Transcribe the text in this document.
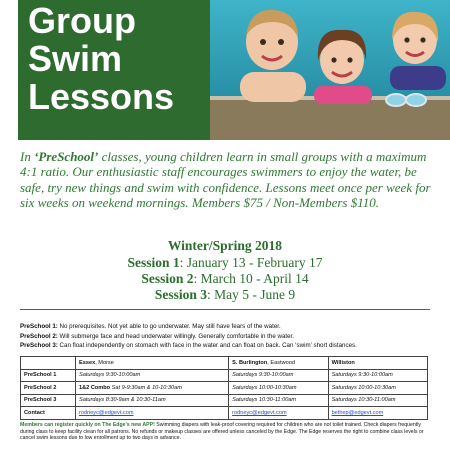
Group
Swim
Lessons
In ‘PreSchool’ classes, young children learn in small groups with a maximum 4:1 ratio. Our enthusiastic staff encourages swimmers to enjoy the water, be safe, try new things and swim with confidence. Lessons meet once per week for six weeks on weekend mornings. Members $75 / Non-Members $110.
Winter/Spring 2018
Session 1: January 13 - February 17
Session 2: March 10 - April 14
Session 3: May 5 - June 9
PreSchool 1: No prerequisites. Not yet able to go underwater. May still have fears of the water.
PreSchool 2: Will submerge face and head underwater willingly. Generally comfortable in the water.
PreSchool 3: Can float independently on stomach with face in the water and can float on back. Can ‘swim’ short distances.
	Essex, Morse	S. Burlington, Eastwood	Williston
PreSchool 1	Saturdays 9:30-10:00am	Saturdays 9:30-10:00am	Saturdays 9:30-10:00am
PreSchool 2	1&2 Combo Sat 9-9:30am & 10-10:30am	Saturdays 10:00-10:30am	Saturdays 10:00-10:30am
PreSchool 3	Saturdays 8:30-9am & 10:30-11am	Saturdays 10:30-11:00am	Saturdays 10:30-11:00am
Contact	rodneyc@edgevt.com	rodneyc@edgevt.com	bethep@edgevt.com
Members can register quickly on The Edge’s new APP! Swimming diapers with leak-proof covering required for children who are not toilet trained. Check diapers frequently during class to keep facility clean for all patrons. No refunds or makeup classes are offered unless canceled by the Edge. The Edge reserves the right to combine class levels or cancel swim lessons due to low enrollment up to two days in advance.
